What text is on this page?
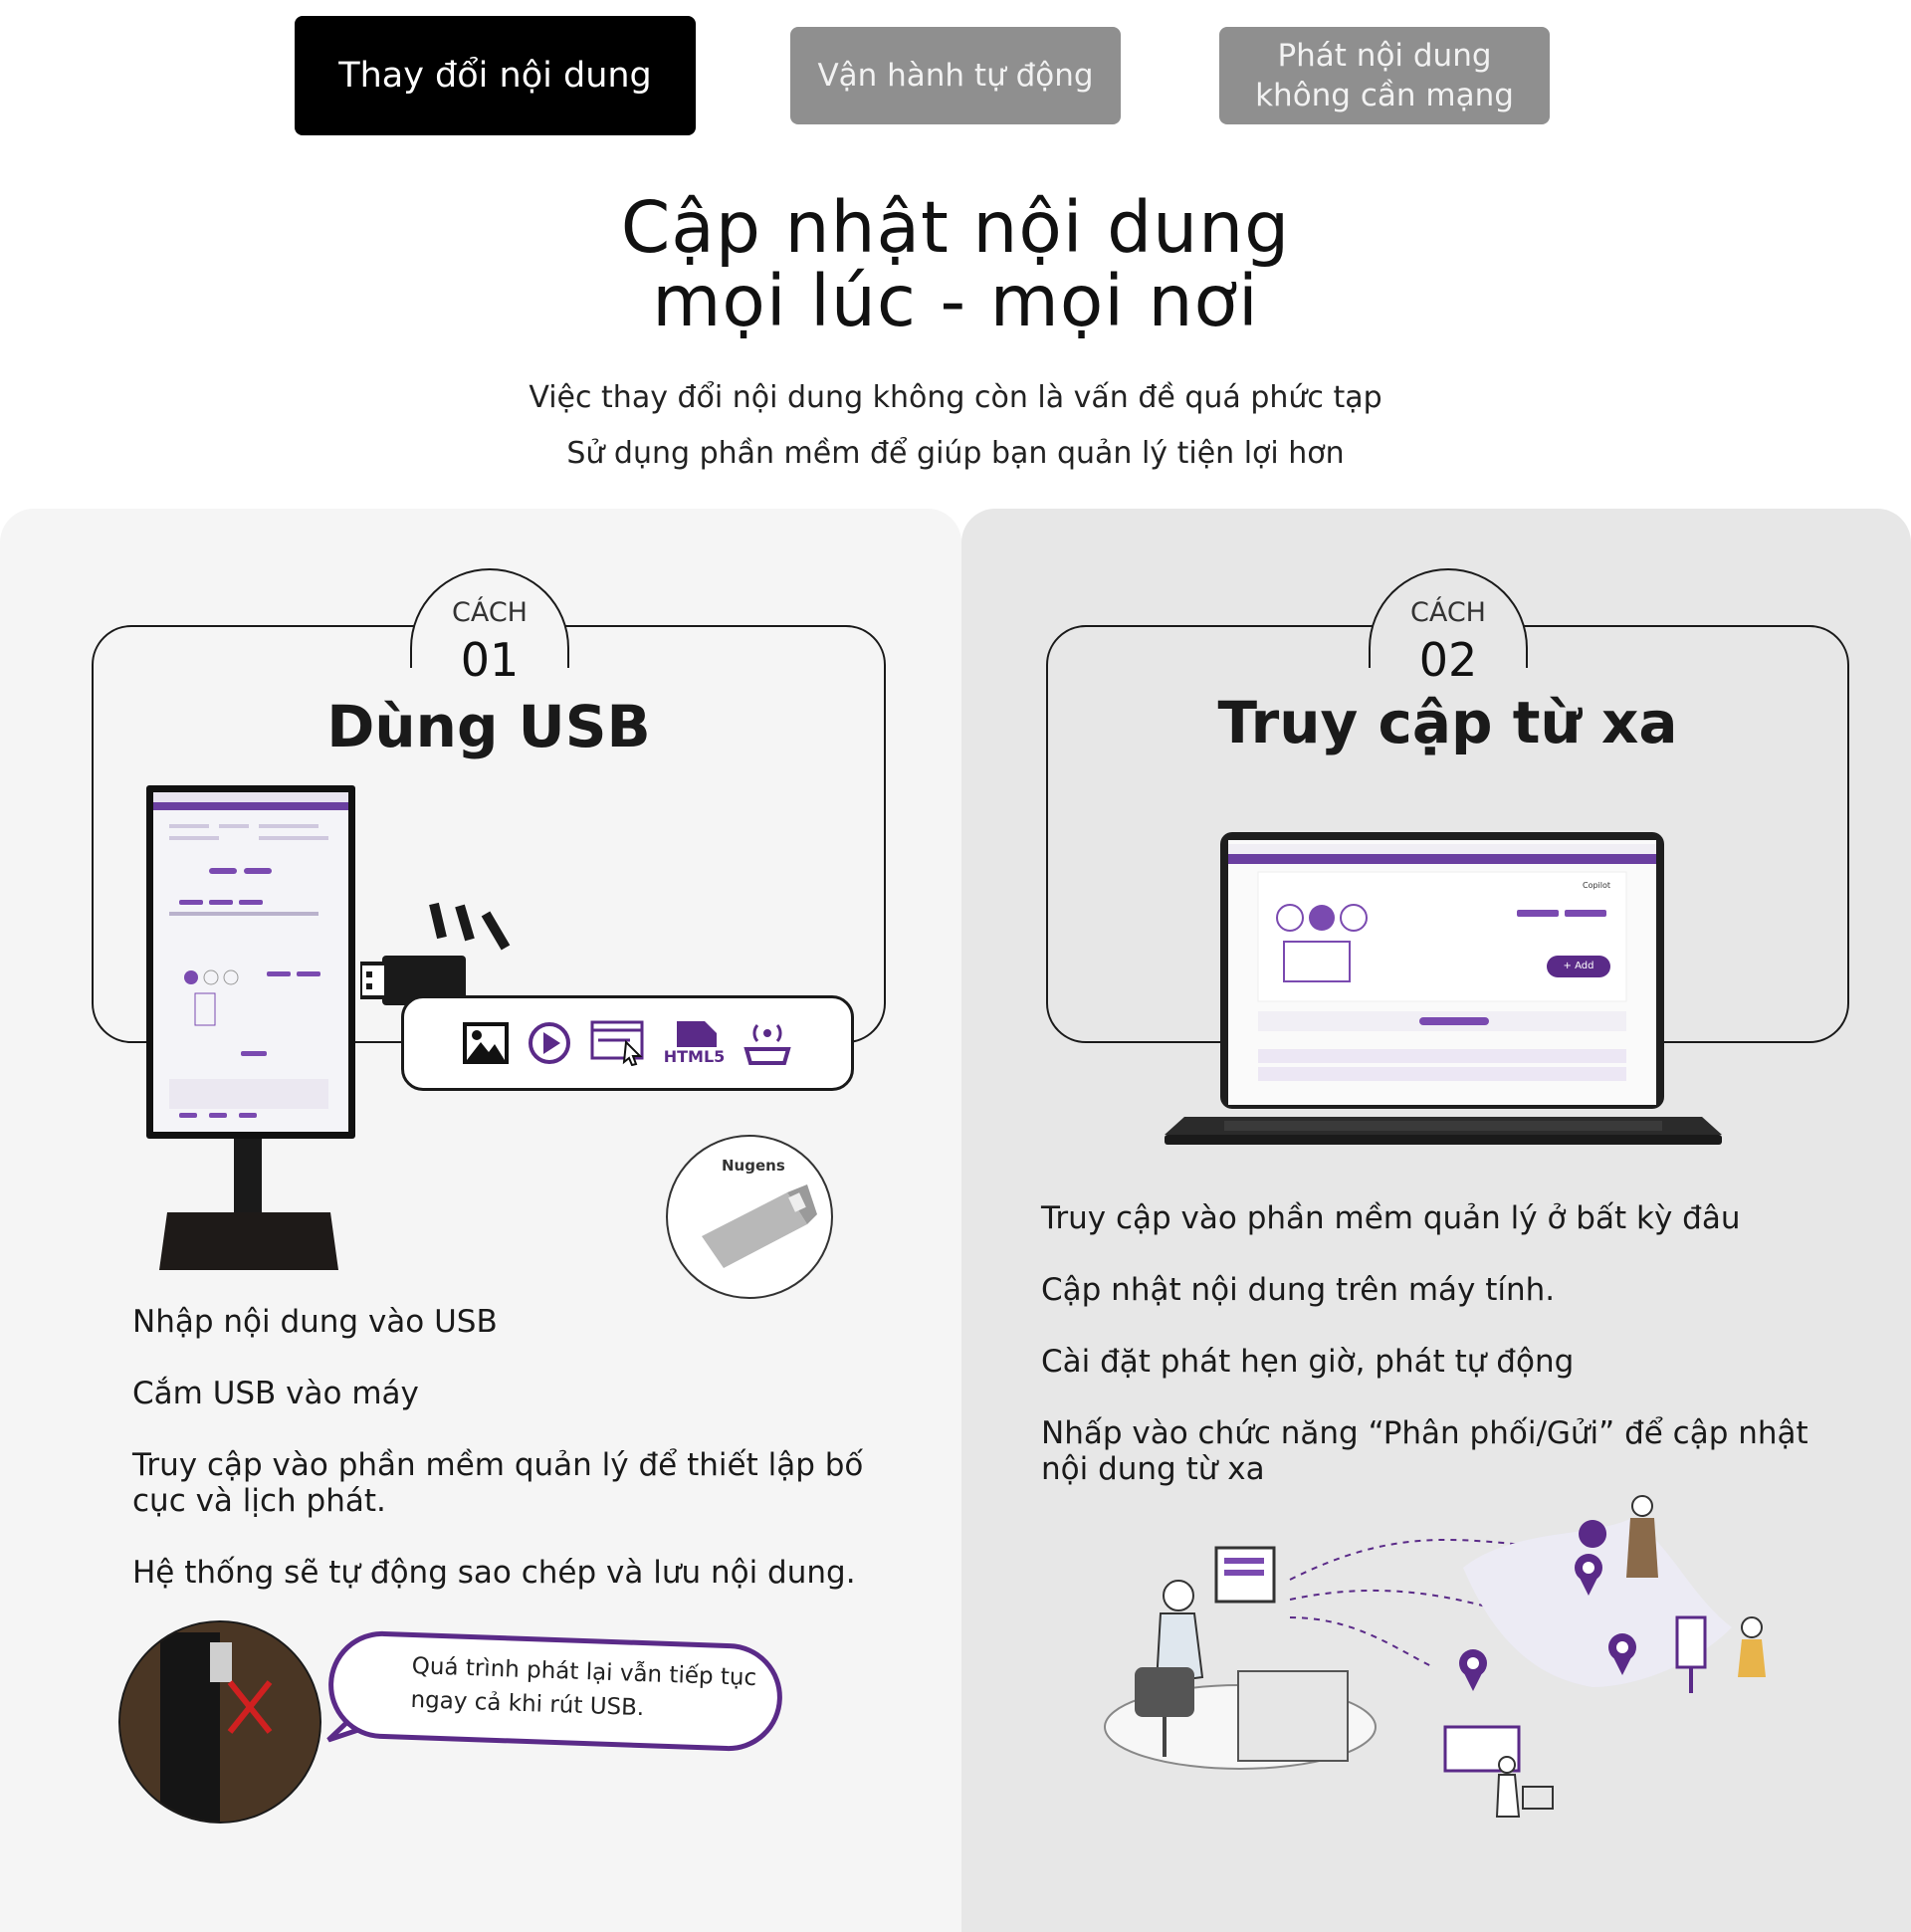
Thay đổi nội dung	Vận hành tự động
Phát nội dung
không cần mạng
Cập nhật nội dung
mọi lúc - mọi nơi
Việc thay đổi nội dung không còn là vấn đề quá phức tạp
Sử dụng phần mềm để giúp bạn quản lý tiện lợi hơn
CÁCH
01
Dùng USB
CÁCH
02
Truy cập từ xa
HTML5
Nugens

Nhập nội dung vào USB

Cắm USB vào máy

Truy cập vào phần mềm quản lý để thiết lập bố cục và lịch phát.

Hệ thống sẽ tự động sao chép và lưu nội dung.

Quá trình phát lại vẫn tiếp tục
ngay cả khi rút USB.
+ Add
Copilot

Truy cập vào phần mềm quản lý ở bất kỳ đâu

Cập nhật nội dung trên máy tính.

Cài đặt phát hẹn giờ, phát tự động

Nhấp vào chức năng “Phân phối/Gửi” để cập nhật nội dung từ xa
